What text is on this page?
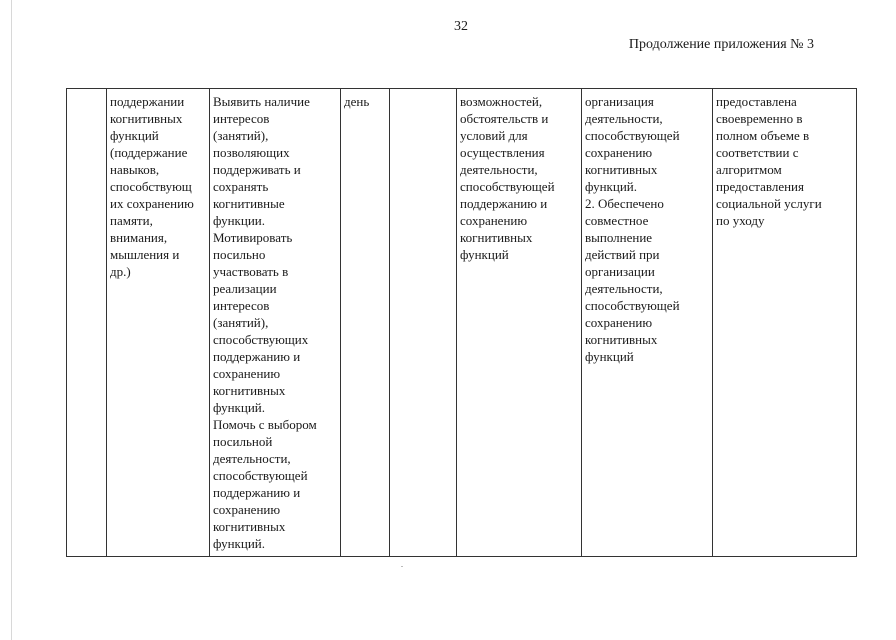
32
Продолжение приложения № 3
	поддержании
когнитивных
функций
(поддержание
навыков,
способствующ
их сохранению
памяти,
внимания,
мышления и
др.)	Выявить наличие
интересов
(занятий),
позволяющих
поддерживать и
сохранять
когнитивные
функции.
Мотивировать
посильно
участвовать в
реализации
интересов
(занятий),
способствующих
поддержанию и
сохранению
когнитивных
функций.
Помочь с выбором
посильной
деятельности,
способствующей
поддержанию и
сохранению
когнитивных
функций.	день		возможностей,
обстоятельств и
условий для
осуществления
деятельности,
способствующей
поддержанию и
сохранению
когнитивных
функций	организация
деятельности,
способствующей
сохранению
когнитивных
функций.
2. Обеспечено
совместное
выполнение
действий при
организации
деятельности,
способствующей
сохранению
когнитивных
функций	предоставлена
своевременно в
полном объеме в
соответствии с
алгоритмом
предоставления
социальной услуги
по уходу
